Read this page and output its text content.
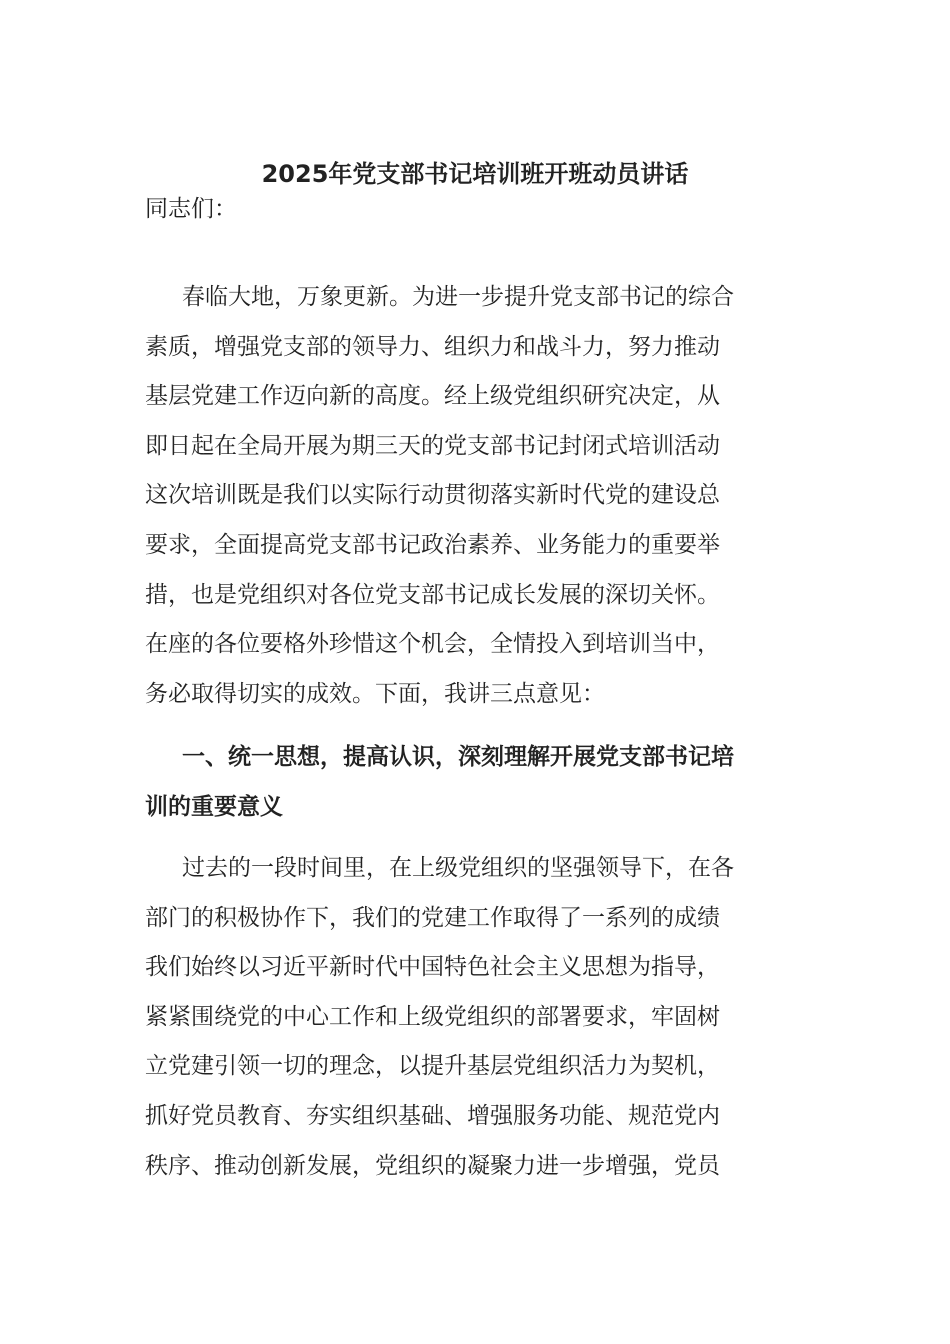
2025年党支部书记培训班开班动员讲话
同志们：
春临大地，万象更新。为进一步提升党支部书记的综合
素质，增强党支部的领导力、组织力和战斗力，努力推动
基层党建工作迈向新的高度。经上级党组织研究决定，从
即日起在全局开展为期三天的党支部书记封闭式培训活动
这次培训既是我们以实际行动贯彻落实新时代党的建设总
要求，全面提高党支部书记政治素养、业务能力的重要举
措，也是党组织对各位党支部书记成长发展的深切关怀。
在座的各位要格外珍惜这个机会，全情投入到培训当中，
务必取得切实的成效。下面，我讲三点意见：
一、统一思想，提高认识，深刻理解开展党支部书记培
训的重要意义
过去的一段时间里，在上级党组织的坚强领导下，在各
部门的积极协作下，我们的党建工作取得了一系列的成绩
我们始终以习近平新时代中国特色社会主义思想为指导，
紧紧围绕党的中心工作和上级党组织的部署要求，牢固树
立党建引领一切的理念，以提升基层党组织活力为契机，
抓好党员教育、夯实组织基础、增强服务功能、规范党内
秩序、推动创新发展，党组织的凝聚力进一步增强，党员
